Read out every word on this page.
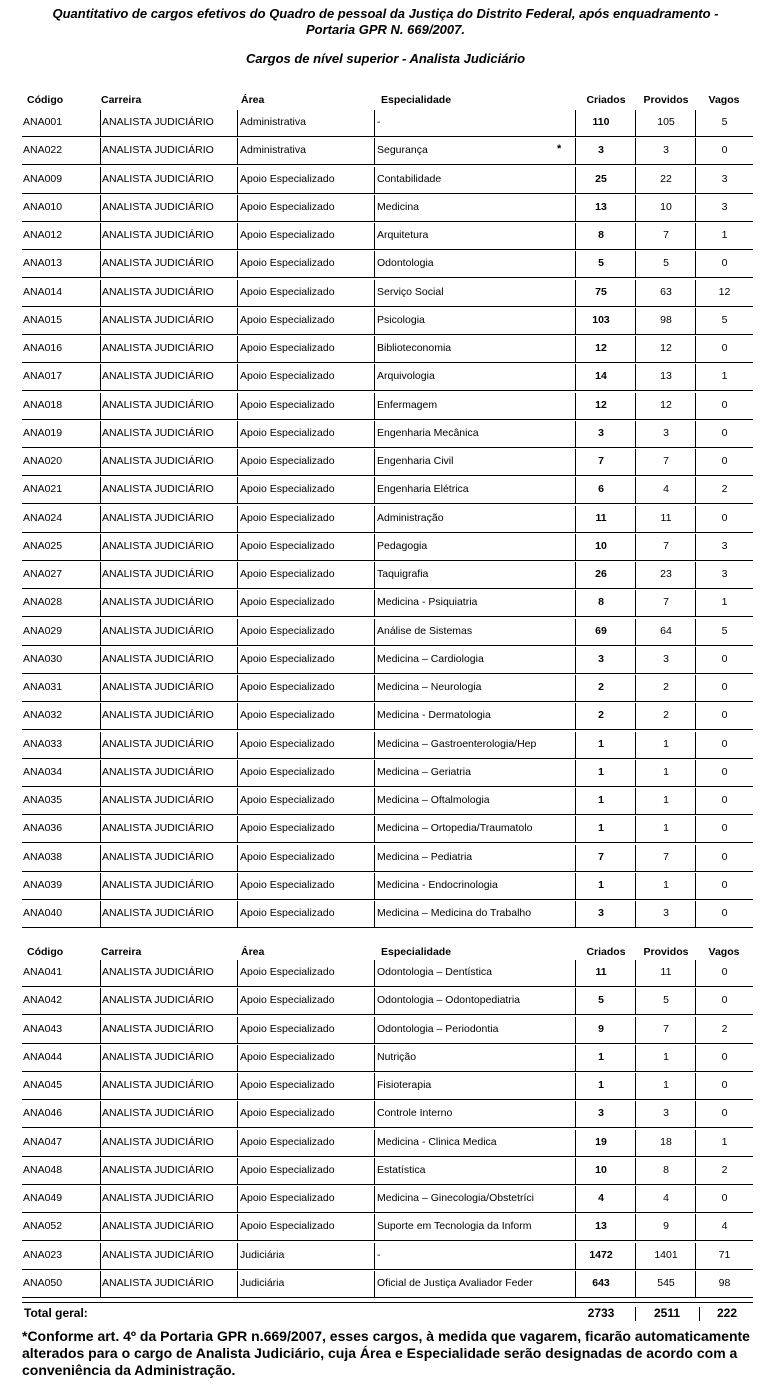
Quantitativo de cargos efetivos do Quadro de pessoal da Justiça do Distrito Federal, após enquadramento -
Portaria GPR N. 669/2007.
Cargos de nível superior - Analista Judiciário
Código	Carreira	Área	Especialidade	Criados	Providos	Vagos
ANA001	ANALISTA JUDICIÁRIO	Administrativa	-	110	105	5
ANA022	ANALISTA JUDICIÁRIO	Administrativa	Segurança	3	3	0
*
ANA009	ANALISTA JUDICIÁRIO	Apoio Especializado	Contabilidade	25	22	3
ANA010	ANALISTA JUDICIÁRIO	Apoio Especializado	Medicina	13	10	3
ANA012	ANALISTA JUDICIÁRIO	Apoio Especializado	Arquitetura	8	7	1
ANA013	ANALISTA JUDICIÁRIO	Apoio Especializado	Odontologia	5	5	0
ANA014	ANALISTA JUDICIÁRIO	Apoio Especializado	Serviço Social	75	63	12
ANA015	ANALISTA JUDICIÁRIO	Apoio Especializado	Psicologia	103	98	5
ANA016	ANALISTA JUDICIÁRIO	Apoio Especializado	Biblioteconomia	12	12	0
ANA017	ANALISTA JUDICIÁRIO	Apoio Especializado	Arquivologia	14	13	1
ANA018	ANALISTA JUDICIÁRIO	Apoio Especializado	Enfermagem	12	12	0
ANA019	ANALISTA JUDICIÁRIO	Apoio Especializado	Engenharia Mecânica	3	3	0
ANA020	ANALISTA JUDICIÁRIO	Apoio Especializado	Engenharia Civil	7	7	0
ANA021	ANALISTA JUDICIÁRIO	Apoio Especializado	Engenharia Elétrica	6	4	2
ANA024	ANALISTA JUDICIÁRIO	Apoio Especializado	Administração	11	11	0
ANA025	ANALISTA JUDICIÁRIO	Apoio Especializado	Pedagogia	10	7	3
ANA027	ANALISTA JUDICIÁRIO	Apoio Especializado	Taquigrafia	26	23	3
ANA028	ANALISTA JUDICIÁRIO	Apoio Especializado	Medicina - Psiquiatria	8	7	1
ANA029	ANALISTA JUDICIÁRIO	Apoio Especializado	Análise de Sistemas	69	64	5
ANA030	ANALISTA JUDICIÁRIO	Apoio Especializado	Medicina – Cardiologia	3	3	0
ANA031	ANALISTA JUDICIÁRIO	Apoio Especializado	Medicina – Neurologia	2	2	0
ANA032	ANALISTA JUDICIÁRIO	Apoio Especializado	Medicina - Dermatologia	2	2	0
ANA033	ANALISTA JUDICIÁRIO	Apoio Especializado	Medicina – Gastroenterologia/Hep	1	1	0
ANA034	ANALISTA JUDICIÁRIO	Apoio Especializado	Medicina – Geriatria	1	1	0
ANA035	ANALISTA JUDICIÁRIO	Apoio Especializado	Medicina – Oftalmologia	1	1	0
ANA036	ANALISTA JUDICIÁRIO	Apoio Especializado	Medicina – Ortopedia/Traumatolo	1	1	0
ANA038	ANALISTA JUDICIÁRIO	Apoio Especializado	Medicina – Pediatria	7	7	0
ANA039	ANALISTA JUDICIÁRIO	Apoio Especializado	Medicina - Endocrinologia	1	1	0
ANA040	ANALISTA JUDICIÁRIO	Apoio Especializado	Medicina – Medicina do Trabalho	3	3	0
Código	Carreira	Área	Especialidade	Criados	Providos	Vagos
ANA041	ANALISTA JUDICIÁRIO	Apoio Especializado	Odontologia – Dentística	11	11	0
ANA042	ANALISTA JUDICIÁRIO	Apoio Especializado	Odontologia – Odontopediatria	5	5	0
ANA043	ANALISTA JUDICIÁRIO	Apoio Especializado	Odontologia – Periodontia	9	7	2
ANA044	ANALISTA JUDICIÁRIO	Apoio Especializado	Nutrição	1	1	0
ANA045	ANALISTA JUDICIÁRIO	Apoio Especializado	Fisioterapia	1	1	0
ANA046	ANALISTA JUDICIÁRIO	Apoio Especializado	Controle Interno	3	3	0
ANA047	ANALISTA JUDICIÁRIO	Apoio Especializado	Medicina - Clinica Medica	19	18	1
ANA048	ANALISTA JUDICIÁRIO	Apoio Especializado	Estatística	10	8	2
ANA049	ANALISTA JUDICIÁRIO	Apoio Especializado	Medicina – Ginecologia/Obstetríci	4	4	0
ANA052	ANALISTA JUDICIÁRIO	Apoio Especializado	Suporte em Tecnologia da Inform	13	9	4
ANA023	ANALISTA JUDICIÁRIO	Judiciária	-	1472	1401	71
ANA050	ANALISTA JUDICIÁRIO	Judiciária	Oficial de Justiça Avaliador Feder	643	545	98
Total geral:	2733	2511	222
*Conforme art. 4º da Portaria GPR n.669/2007, esses cargos, à medida que vagarem, ficarão automaticamente alterados para o cargo de Analista Judiciário, cuja Área e Especialidade serão designadas de acordo com a conveniência da Administração.
